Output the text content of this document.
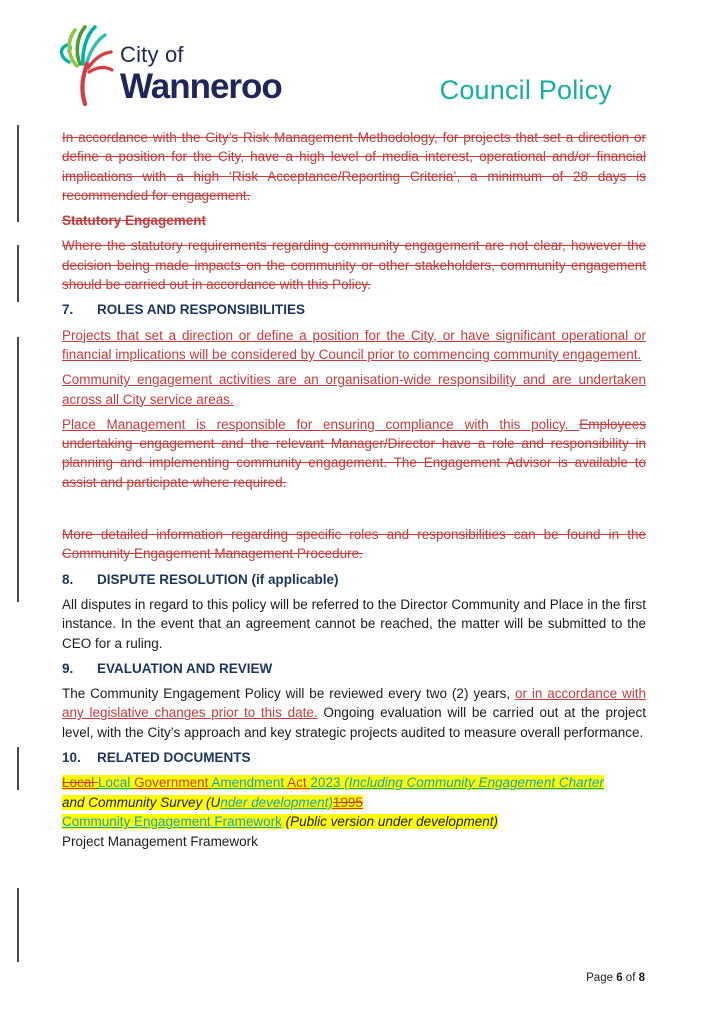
City of
Wanneroo	Council Policy

In accordance with the City’s Risk Management Methodology, for projects that set a direction or define a position for the City, have a high level of media interest, operational and/or financial implications with a high ‘Risk Acceptance/Reporting Criteria’, a minimum of 28 days is recommended for engagement.

Statutory Engagement

Where the statutory requirements regarding community engagement are not clear, however the decision being made impacts on the community or other stakeholders, community engagement should be carried out in accordance with this Policy.

7. ROLES AND RESPONSIBILITIES

Projects that set a direction or define a position for the City, or have significant operational or financial implications will be considered by Council prior to commencing community engagement.

Community engagement activities are an organisation-wide responsibility and are undertaken across all City service areas.

Place Management is responsible for ensuring compliance with this policy. Employees undertaking engagement and the relevant Manager/Director have a role and responsibility in planning and implementing community engagement. The Engagement Advisor is available to assist and participate where required.

More detailed information regarding specific roles and responsibilities can be found in the Community Engagement Management Procedure.

8. DISPUTE RESOLUTION (if applicable)

All disputes in regard to this policy will be referred to the Director Community and Place in the first instance. In the event that an agreement cannot be reached, the matter will be submitted to the CEO for a ruling.

9. EVALUATION AND REVIEW

The Community Engagement Policy will be reviewed every two (2) years, or in accordance with any legislative changes prior to this date. Ongoing evaluation will be carried out at the project level, with the City’s approach and key strategic projects audited to measure overall performance.

10. RELATED DOCUMENTS

Local Local Government Amendment Act 2023 (Including Community Engagement Charter
and Community Survey (Under development)1995
Community Engagement Framework (Public version under development)
Project Management Framework
Page 6 of 8
